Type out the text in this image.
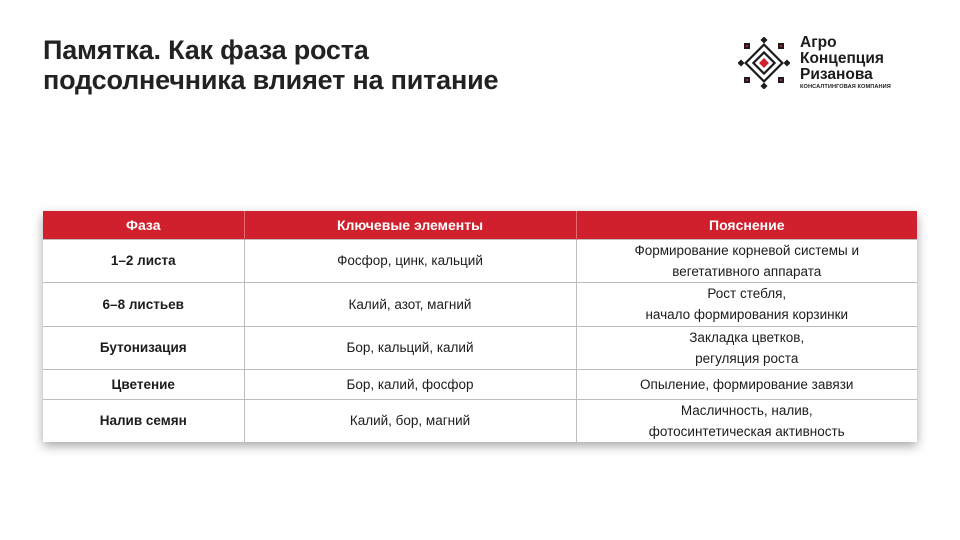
Памятка. Как фаза роста
подсолнечника влияет на питание
Агро
Концепция
Ризанова
КОНСАЛТИНГОВАЯ КОМПАНИЯ
Фаза	Ключевые элементы	Пояснение
1–2 листа	Фосфор, цинк, кальций	Формирование корневой системы и
вегетативного аппарата

6–8 листьев	Калий, азот, магний	Рост стебля,
начало формирования корзинки

Бутонизация	Бор, кальций, калий	Закладка цветков,
регуляция роста

Цветение	Бор, калий, фосфор	Опыление, формирование завязи

Налив семян	Калий, бор, магний	Масличность, налив,
фотосинтетическая активность
